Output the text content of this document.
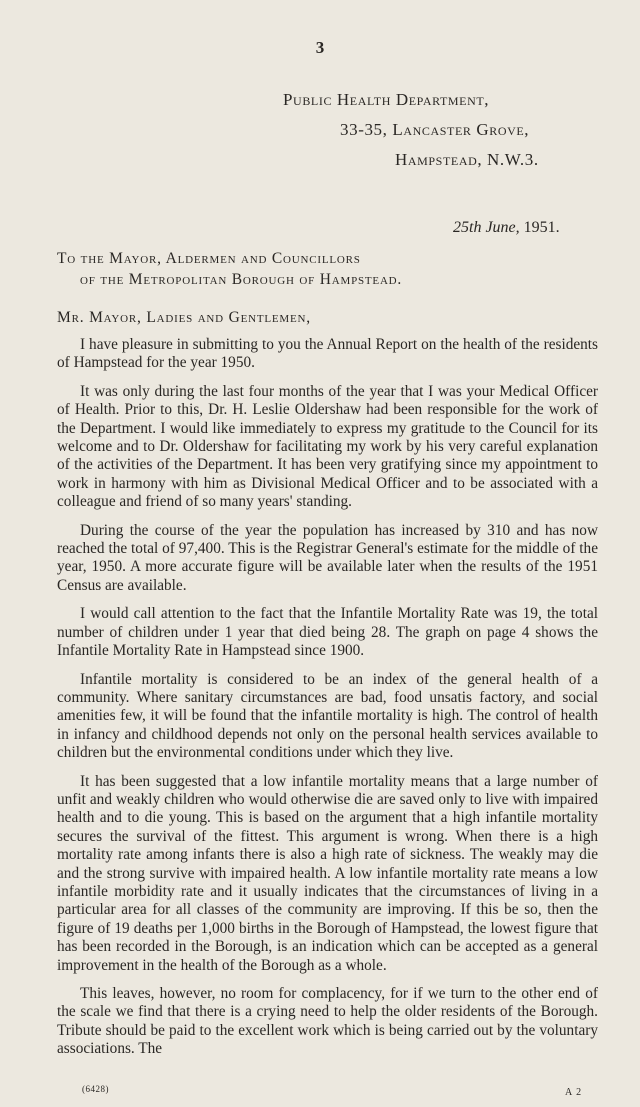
3
Public Health Department,
33-35, Lancaster Grove,
Hampstead, N.W.3.
25th June, 1951.
To the Mayor, Aldermen and Councillors
of the Metropolitan Borough of Hampstead.
Mr. Mayor, Ladies and Gentlemen,

I have pleasure in submitting to you the Annual Report on the health of the residents of Hampstead for the year 1950.

It was only during the last four months of the year that I was your Medical Officer of Health. Prior to this, Dr. H. Leslie Oldershaw had been responsible for the work of the Department. I would like immediately to express my gratitude to the Council for its welcome and to Dr. Oldershaw for facilitating my work by his very careful explanation of the activities of the Department. It has been very gratifying since my appointment to work in harmony with him as Divisional Medical Officer and to be associated with a colleague and friend of so many years' standing.

During the course of the year the population has increased by 310 and has now reached the total of 97,400. This is the Registrar General's estimate for the middle of the year, 1950. A more accurate figure will be available later when the results of the 1951 Census are available.

I would call attention to the fact that the Infantile Mortality Rate was 19, the total number of children under 1 year that died being 28. The graph on page 4 shows the Infantile Mortality Rate in Hampstead since 1900.

Infantile mortality is considered to be an index of the general health of a community. Where sanitary circumstances are bad, food unsatis factory, and social amenities few, it will be found that the infantile mortality is high. The control of health in infancy and childhood depends not only on the personal health services available to children but the environmental conditions under which they live.

It has been suggested that a low infantile mortality means that a large number of unfit and weakly children who would otherwise die are saved only to live with impaired health and to die young. This is based on the argument that a high infantile mortality secures the survival of the fittest. This argument is wrong. When there is a high mortality rate among infants there is also a high rate of sickness. The weakly may die and the strong survive with impaired health. A low infantile mortality rate means a low infantile morbidity rate and it usually indicates that the circumstances of living in a particular area for all classes of the community are improving. If this be so, then the figure of 19 deaths per 1,000 births in the Borough of Hampstead, the lowest figure that has been recorded in the Borough, is an indication which can be accepted as a general improvement in the health of the Borough as a whole.

This leaves, however, no room for complacency, for if we turn to the other end of the scale we find that there is a crying need to help the older residents of the Borough. Tribute should be paid to the excellent work which is being carried out by the voluntary associations. The

(6428)	A 2
